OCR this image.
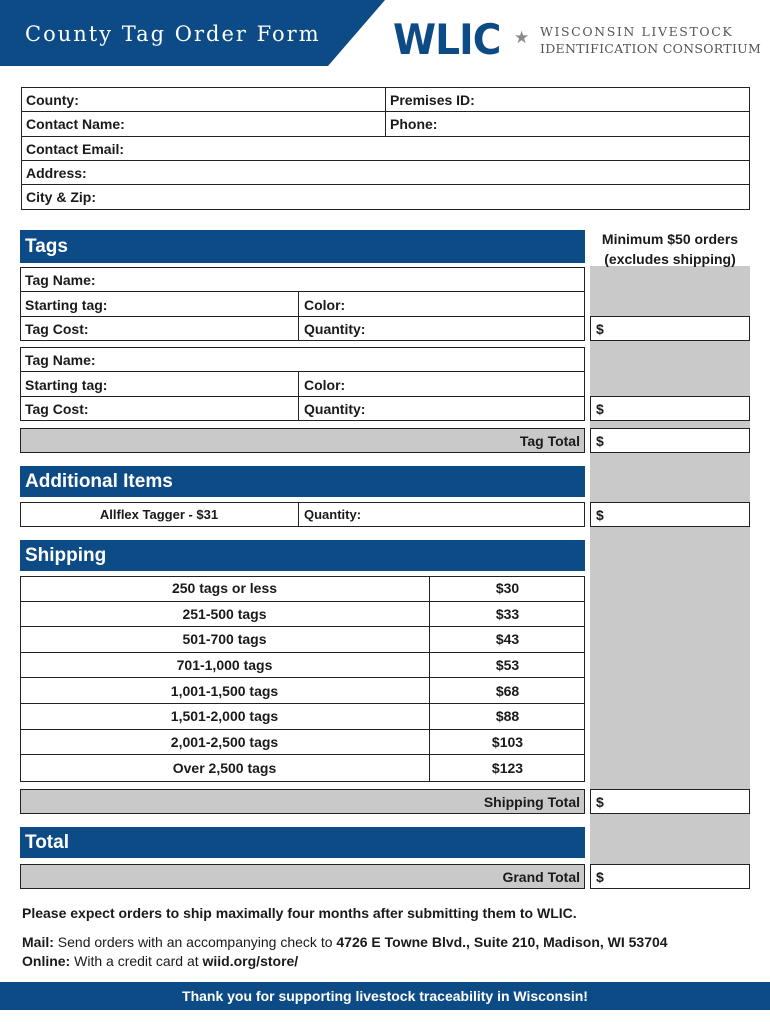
County Tag Order Form WLIC ★ WISCONSIN LIVESTOCK
IDENTIFICATION CONSORTIUM
County:	Premises ID:
Contact Name:	Phone:
Contact Email:
Address:
City & Zip:
Minimum $50 orders
(excludes shipping)
Tags
Tag Name:
Starting tag:	Color:
Tag Cost:	Quantity:	$
Tag Name:
Starting tag:	Color:
Tag Cost:	Quantity:	$
Tag Total $
Additional Items
Allflex Tagger - $31	Quantity:	$
Shipping
250 tags or less	$30
251-500 tags	$33
501-700 tags	$43
701-1,000 tags	$53
1,001-1,500 tags	$68
1,501-2,000 tags	$88
2,001-2,500 tags	$103
Over 2,500 tags	$123
Shipping Total $
Total
Grand Total $
Please expect orders to ship maximally four months after submitting them to WLIC.
Mail: Send orders with an accompanying check to 4726 E Towne Blvd., Suite 210, Madison, WI 53704
Online: With a credit card at wiid.org/store/
Thank you for supporting livestock traceability in Wisconsin!
